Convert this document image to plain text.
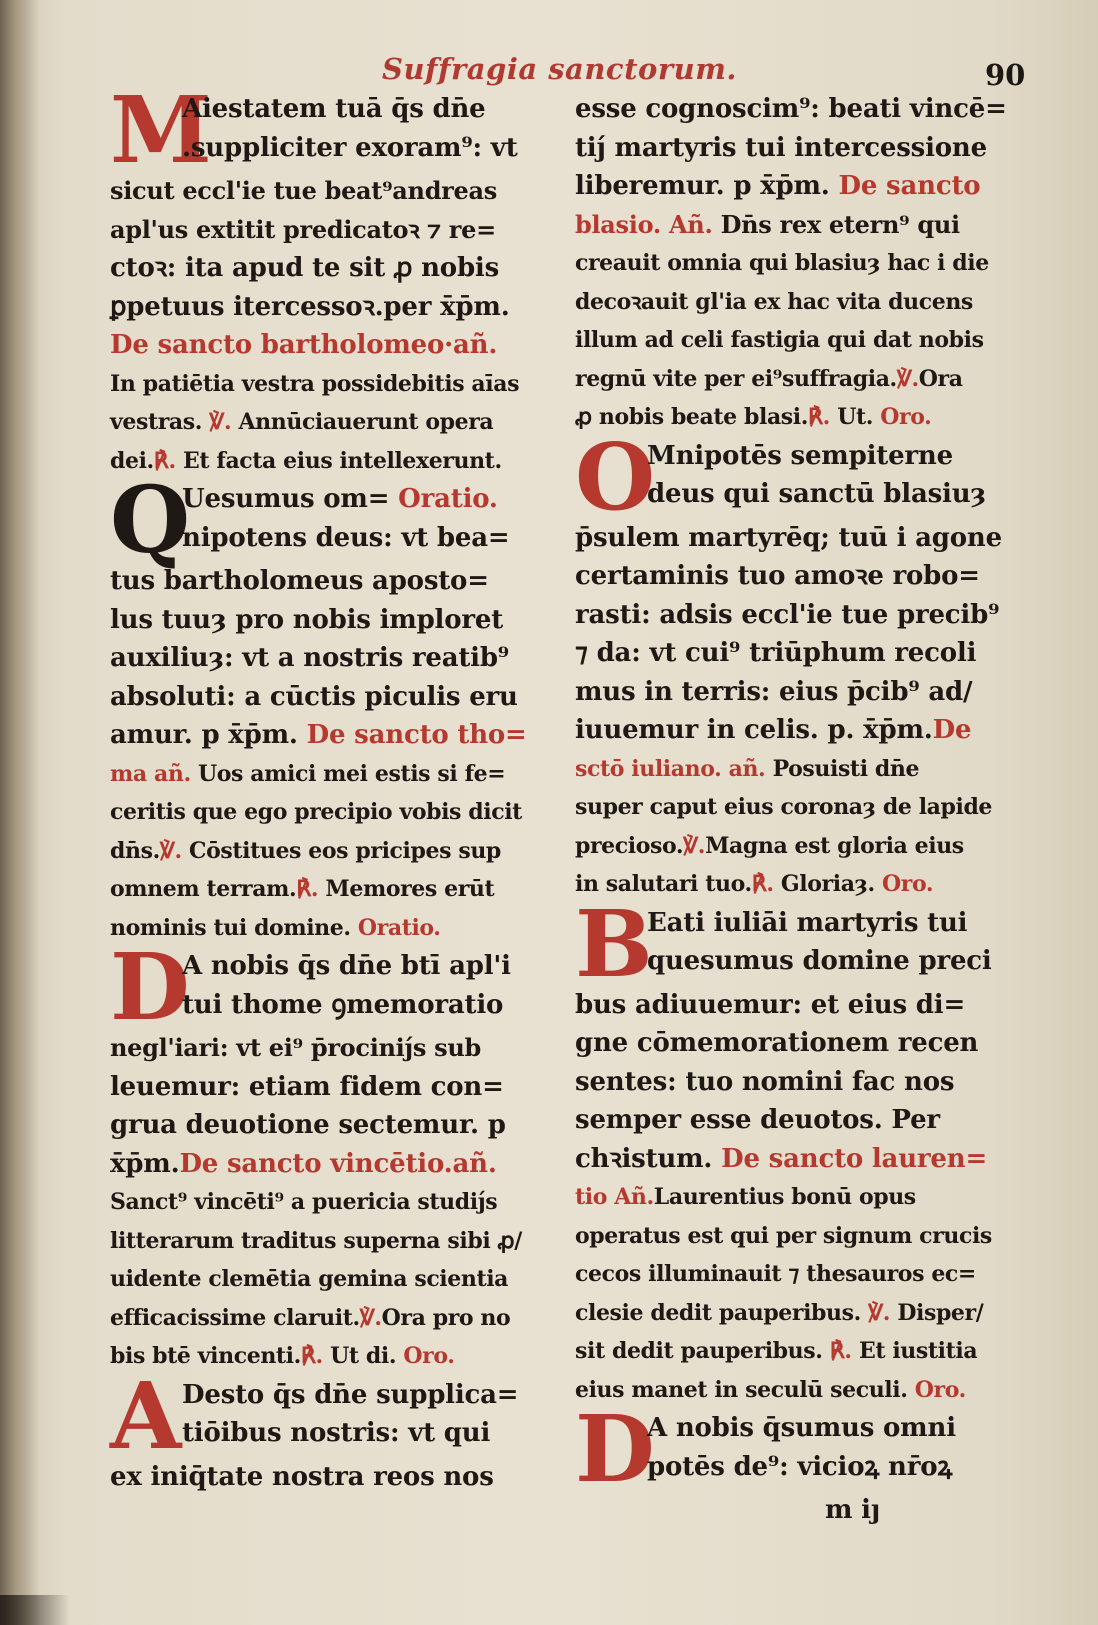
Suffragia sanctorum.	90
M
Aiestatem tuā q̄s dn̄e
.suppliciter exoram⁹: vt
sicut eccl'ie tue beat⁹andreas
apl'us extitit predicatoꝛ ⁊ re=
ctoꝛ: ita apud te sit ꝓ nobis
ꝑpetuus itercessoꝛ.per x̄p̄m.
De sancto bartholomeo·añ.
In patiētia vestra possidebitis aīas
vestras. ℣. Annūciauerunt opera
dei.℟. Et facta eius intellexerunt.
Q
Uesumus om= Oratio.
nipotens deus: vt bea=
tus bartholomeus aposto=
lus tuuȝ pro nobis imploret
auxiliuȝ: vt a nostris reatib⁹
absoluti: a cūctis piculis eru
amur. p x̄p̄m. De sancto tho=
ma añ. Uos amici mei estis si fe=
ceritis que ego precipio vobis dicit
dn̄s.℣. Cōstitues eos pricipes sup
omnem terram.℟. Memores erūt
nominis tui domine. Oratio.
D
A nobis q̄s dn̄e btī apl'i
tui thome ꝯmemoratio
negl'iari: vt ei⁹ p̄rociniȷ́s sub
leuemur: etiam fidem con=
grua deuotione sectemur. p
x̄p̄m.De sancto vincētio.añ.
Sanct⁹ vincēti⁹ a puericia studiȷ́s
litterarum traditus superna sibi ꝓ/
uidente clemētia gemina scientia
efficacissime claruit.℣.Ora pro no
bis btē vincenti.℟. Ut di. Oro.
A Desto q̄s dn̄e supplica=
tiōibus nostris: vt qui
ex iniq̄tate nostra reos nos
esse cognoscim⁹: beati vincē=
tiȷ́ martyris tui intercessione
liberemur. p x̄p̄m. De sancto
blasio. Añ. Dn̄s rex etern⁹ qui
creauit omnia qui blasiuȝ hac i die
decoꝛauit gl'ia ex hac vita ducens
illum ad celi fastigia qui dat nobis
regnū vite per ei⁹suffragia.℣.Ora
ꝓ nobis beate blasi.℟. Ut. Oro.
O
Mnipotēs sempiterne
deus qui sanctū blasiuȝ
p̄sulem martyrēq; tuū i agone
certaminis tuo amoꝛe robo=
rasti: adsis eccl'ie tue precib⁹
⁊ da: vt cui⁹ triūphum recoli
mus in terris: eius p̄cib⁹ ad/
iuuemur in celis. p. x̄p̄m.De
sctō iuliano. añ. Posuisti dn̄e
super caput eius coronaȝ de lapide
precioso.℣.Magna est gloria eius
in salutari tuo.℟. Gloriaȝ. Oro.
B
Eati iuliāi martyris tui
quesumus domine preci
bus adiuuemur: et eius di=
gne cōmemorationem recen
sentes: tuo nomini fac nos
semper esse deuotos. Per
chꝛistum. De sancto lauren=
tio Añ.Laurentius bonū opus
operatus est qui per signum crucis
cecos illuminauit ⁊ thesauros ec=
clesie dedit pauperibus. ℣. Disper/
sit dedit pauperibus. ℟. Et iustitia
eius manet in seculū seculi. Oro.
D
A nobis q̄sumus omni
potēs de⁹: vicioꝝ nr̄oꝝ
m iȷ
